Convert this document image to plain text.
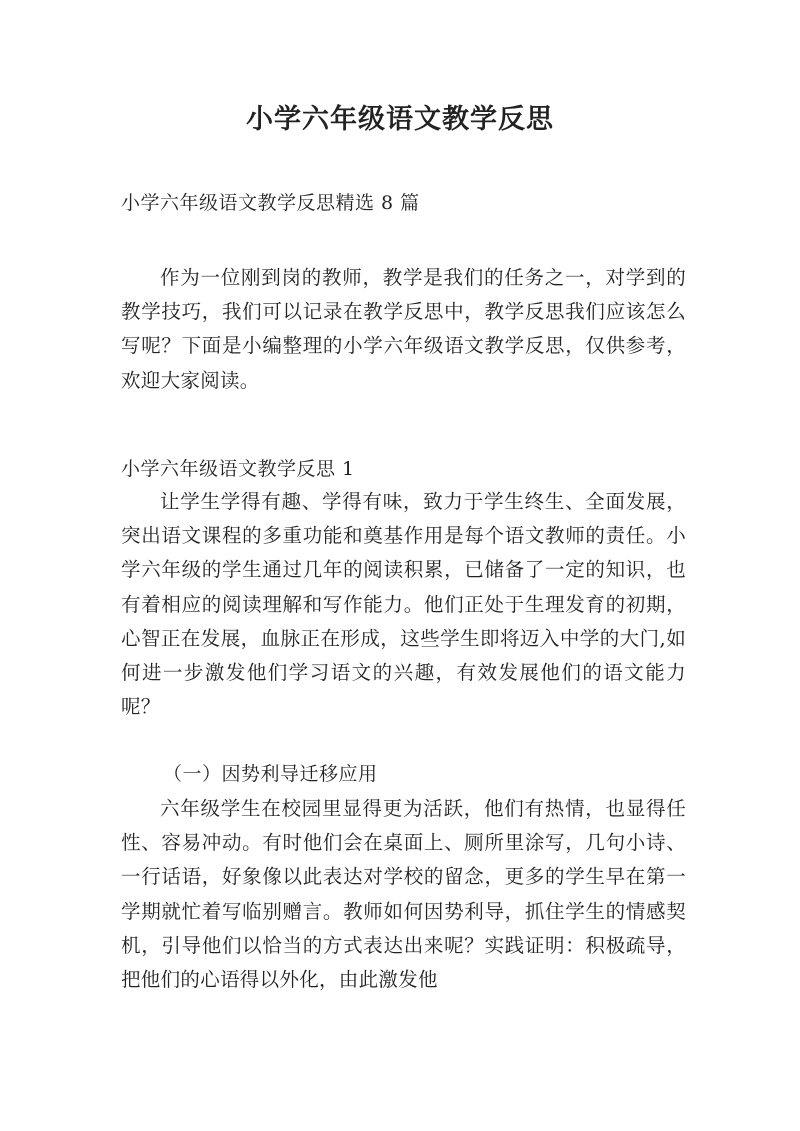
小学六年级语文教学反思

小学六年级语文教学反思精选 8 篇

作为一位刚到岗的教师，教学是我们的任务之一，对学到的教学技巧，我们可以记录在教学反思中，教学反思我们应该怎么写呢？下面是小编整理的小学六年级语文教学反思，仅供参考，欢迎大家阅读。

小学六年级语文教学反思 1

让学生学得有趣、学得有味，致力于学生终生、全面发展，突出语文课程的多重功能和奠基作用是每个语文教师的责任。小学六年级的学生通过几年的阅读积累，已储备了一定的知识，也有着相应的阅读理解和写作能力。他们正处于生理发育的初期，心智正在发展，血脉正在形成，这些学生即将迈入中学的大门,如何进一步激发他们学习语文的兴趣，有效发展他们的语文能力呢？

（一）因势利导迁移应用

六年级学生在校园里显得更为活跃，他们有热情，也显得任性、容易冲动。有时他们会在桌面上、厕所里涂写，几句小诗、一行话语，好象像以此表达对学校的留念，更多的学生早在第一学期就忙着写临别赠言。教师如何因势利导，抓住学生的情感契机，引导他们以恰当的方式表达出来呢？实践证明：积极疏导，把他们的心语得以外化，由此激发他
